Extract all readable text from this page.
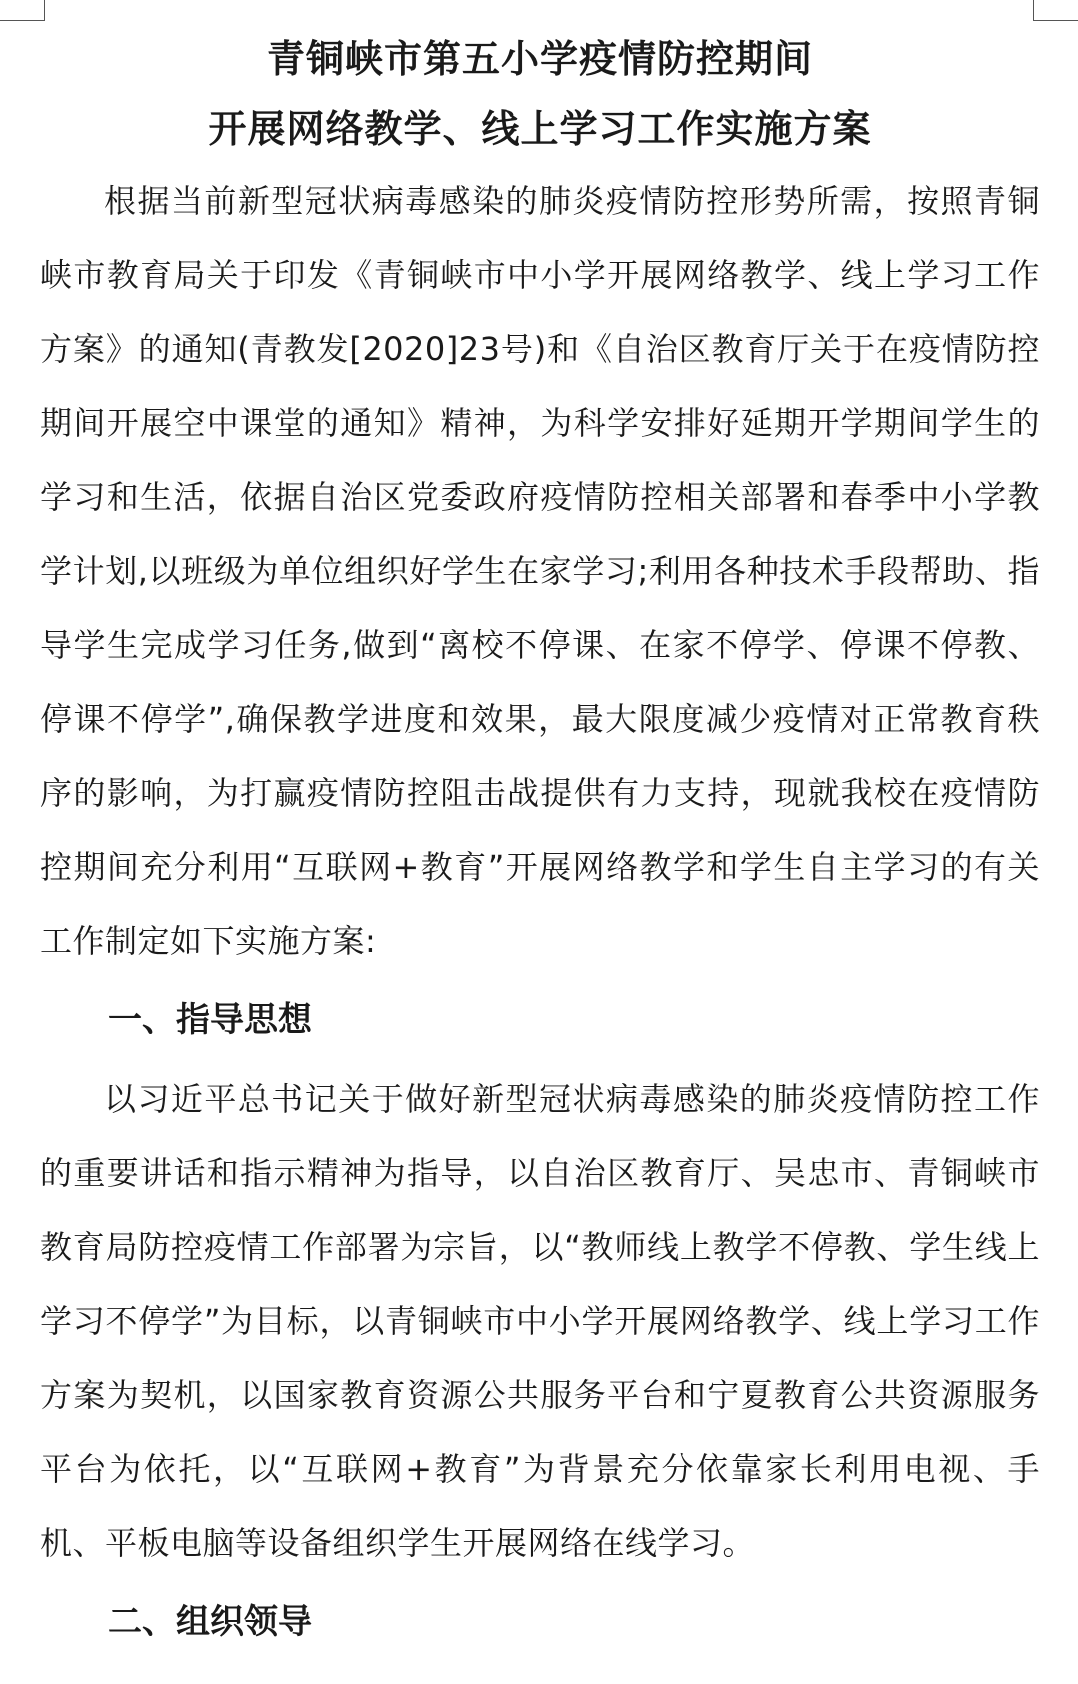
青铜峡市第五小学疫情防控期间
开展网络教学、线上学习工作实施方案

根据当前新型冠状病毒感染的肺炎疫情防控形势所需，按照青铜峡市教育局关于印发《青铜峡市中小学开展网络教学、线上学习工作方案》的通知(青教发[2020]23号)和《自治区教育厅关于在疫情防控期间开展空中课堂的通知》精神，为科学安排好延期开学期间学生的学习和生活，依据自治区党委政府疫情防控相关部署和春季中小学教学计划,以班级为单位组织好学生在家学习;利用各种技术手段帮助、指导学生完成学习任务,做到“离校不停课、在家不停学、停课不停教、停课不停学”,确保教学进度和效果，最大限度减少疫情对正常教育秩序的影响，为打赢疫情防控阻击战提供有力支持，现就我校在疫情防控期间充分利用“互联网+教育”开展网络教学和学生自主学习的有关工作制定如下实施方案:

一、指导思想

以习近平总书记关于做好新型冠状病毒感染的肺炎疫情防控工作的重要讲话和指示精神为指导，以自治区教育厅、吴忠市、青铜峡市教育局防控疫情工作部署为宗旨，以“教师线上教学不停教、学生线上学习不停学”为目标，以青铜峡市中小学开展网络教学、线上学习工作方案为契机，以国家教育资源公共服务平台和宁夏教育公共资源服务平台为依托，以“互联网+教育”为背景充分依靠家长利用电视、手机、平板电脑等设备组织学生开展网络在线学习。

二、组织领导
